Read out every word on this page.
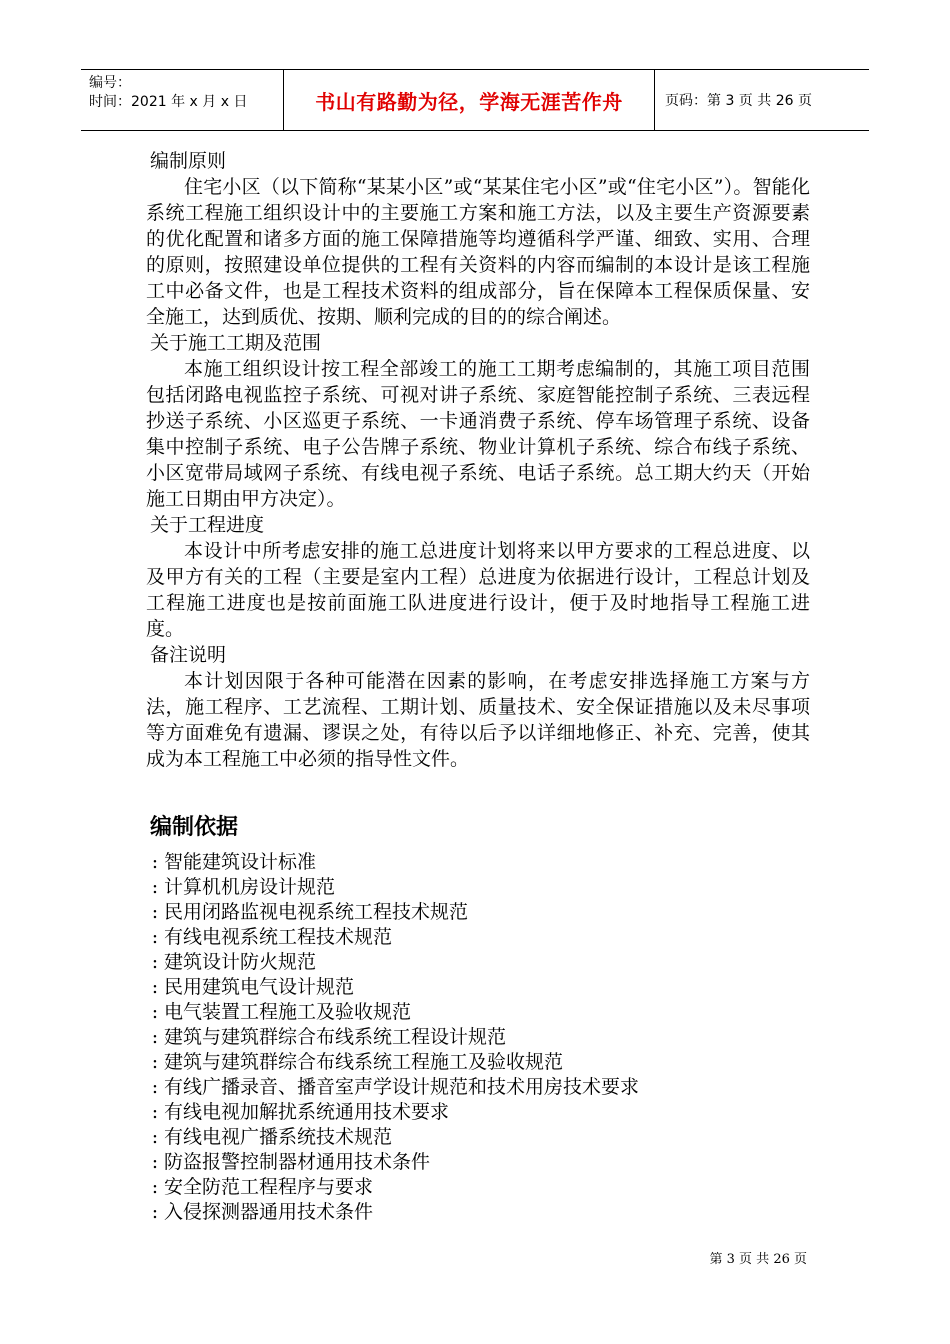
编号：
时间：2021 年 x 月 x 日	书山有路勤为径，学海无涯苦作舟	页码：第 3 页 共 26 页
编制原则

住宅小区（以下简称“某某小区”或“某某住宅小区”或“住宅小区”）。智能化系统工程施工组织设计中的主要施工方案和施工方法，以及主要生产资源要素的优化配置和诸多方面的施工保障措施等均遵循科学严谨、细致、实用、合理的原则，按照建设单位提供的工程有关资料的内容而编制的本设计是该工程施工中必备文件，也是工程技术资料的组成部分，旨在保障本工程保质保量、安全施工，达到质优、按期、顺利完成的目的的综合阐述。

关于施工工期及范围

本施工组织设计按工程全部竣工的施工工期考虑编制的，其施工项目范围包括闭路电视监控子系统、可视对讲子系统、家庭智能控制子系统、三表远程抄送子系统、小区巡更子系统、一卡通消费子系统、停车场管理子系统、设备集中控制子系统、电子公告牌子系统、物业计算机子系统、综合布线子系统、小区宽带局域网子系统、有线电视子系统、电话子系统。总工期大约天（开始施工日期由甲方决定）。

关于工程进度

本设计中所考虑安排的施工总进度计划将来以甲方要求的工程总进度、以及甲方有关的工程（主要是室内工程）总进度为依据进行设计，工程总计划及工程施工进度也是按前面施工队进度进行设计，便于及时地指导工程施工进度。

备注说明

本计划因限于各种可能潜在因素的影响，在考虑安排选择施工方案与方法，施工程序、工艺流程、工期计划、质量技术、安全保证措施以及未尽事项等方面难免有遗漏、谬误之处，有待以后予以详细地修正、补充、完善，使其成为本工程施工中必须的指导性文件。

编制依据
: 智能建筑设计标准
: 计算机机房设计规范
: 民用闭路监视电视系统工程技术规范
: 有线电视系统工程技术规范
: 建筑设计防火规范
: 民用建筑电气设计规范
: 电气装置工程施工及验收规范
: 建筑与建筑群综合布线系统工程设计规范
: 建筑与建筑群综合布线系统工程施工及验收规范
: 有线广播录音、播音室声学设计规范和技术用房技术要求
: 有线电视加解扰系统通用技术要求
: 有线电视广播系统技术规范
: 防盗报警控制器材通用技术条件
: 安全防范工程程序与要求
: 入侵探测器通用技术条件
第 3 页 共 26 页
